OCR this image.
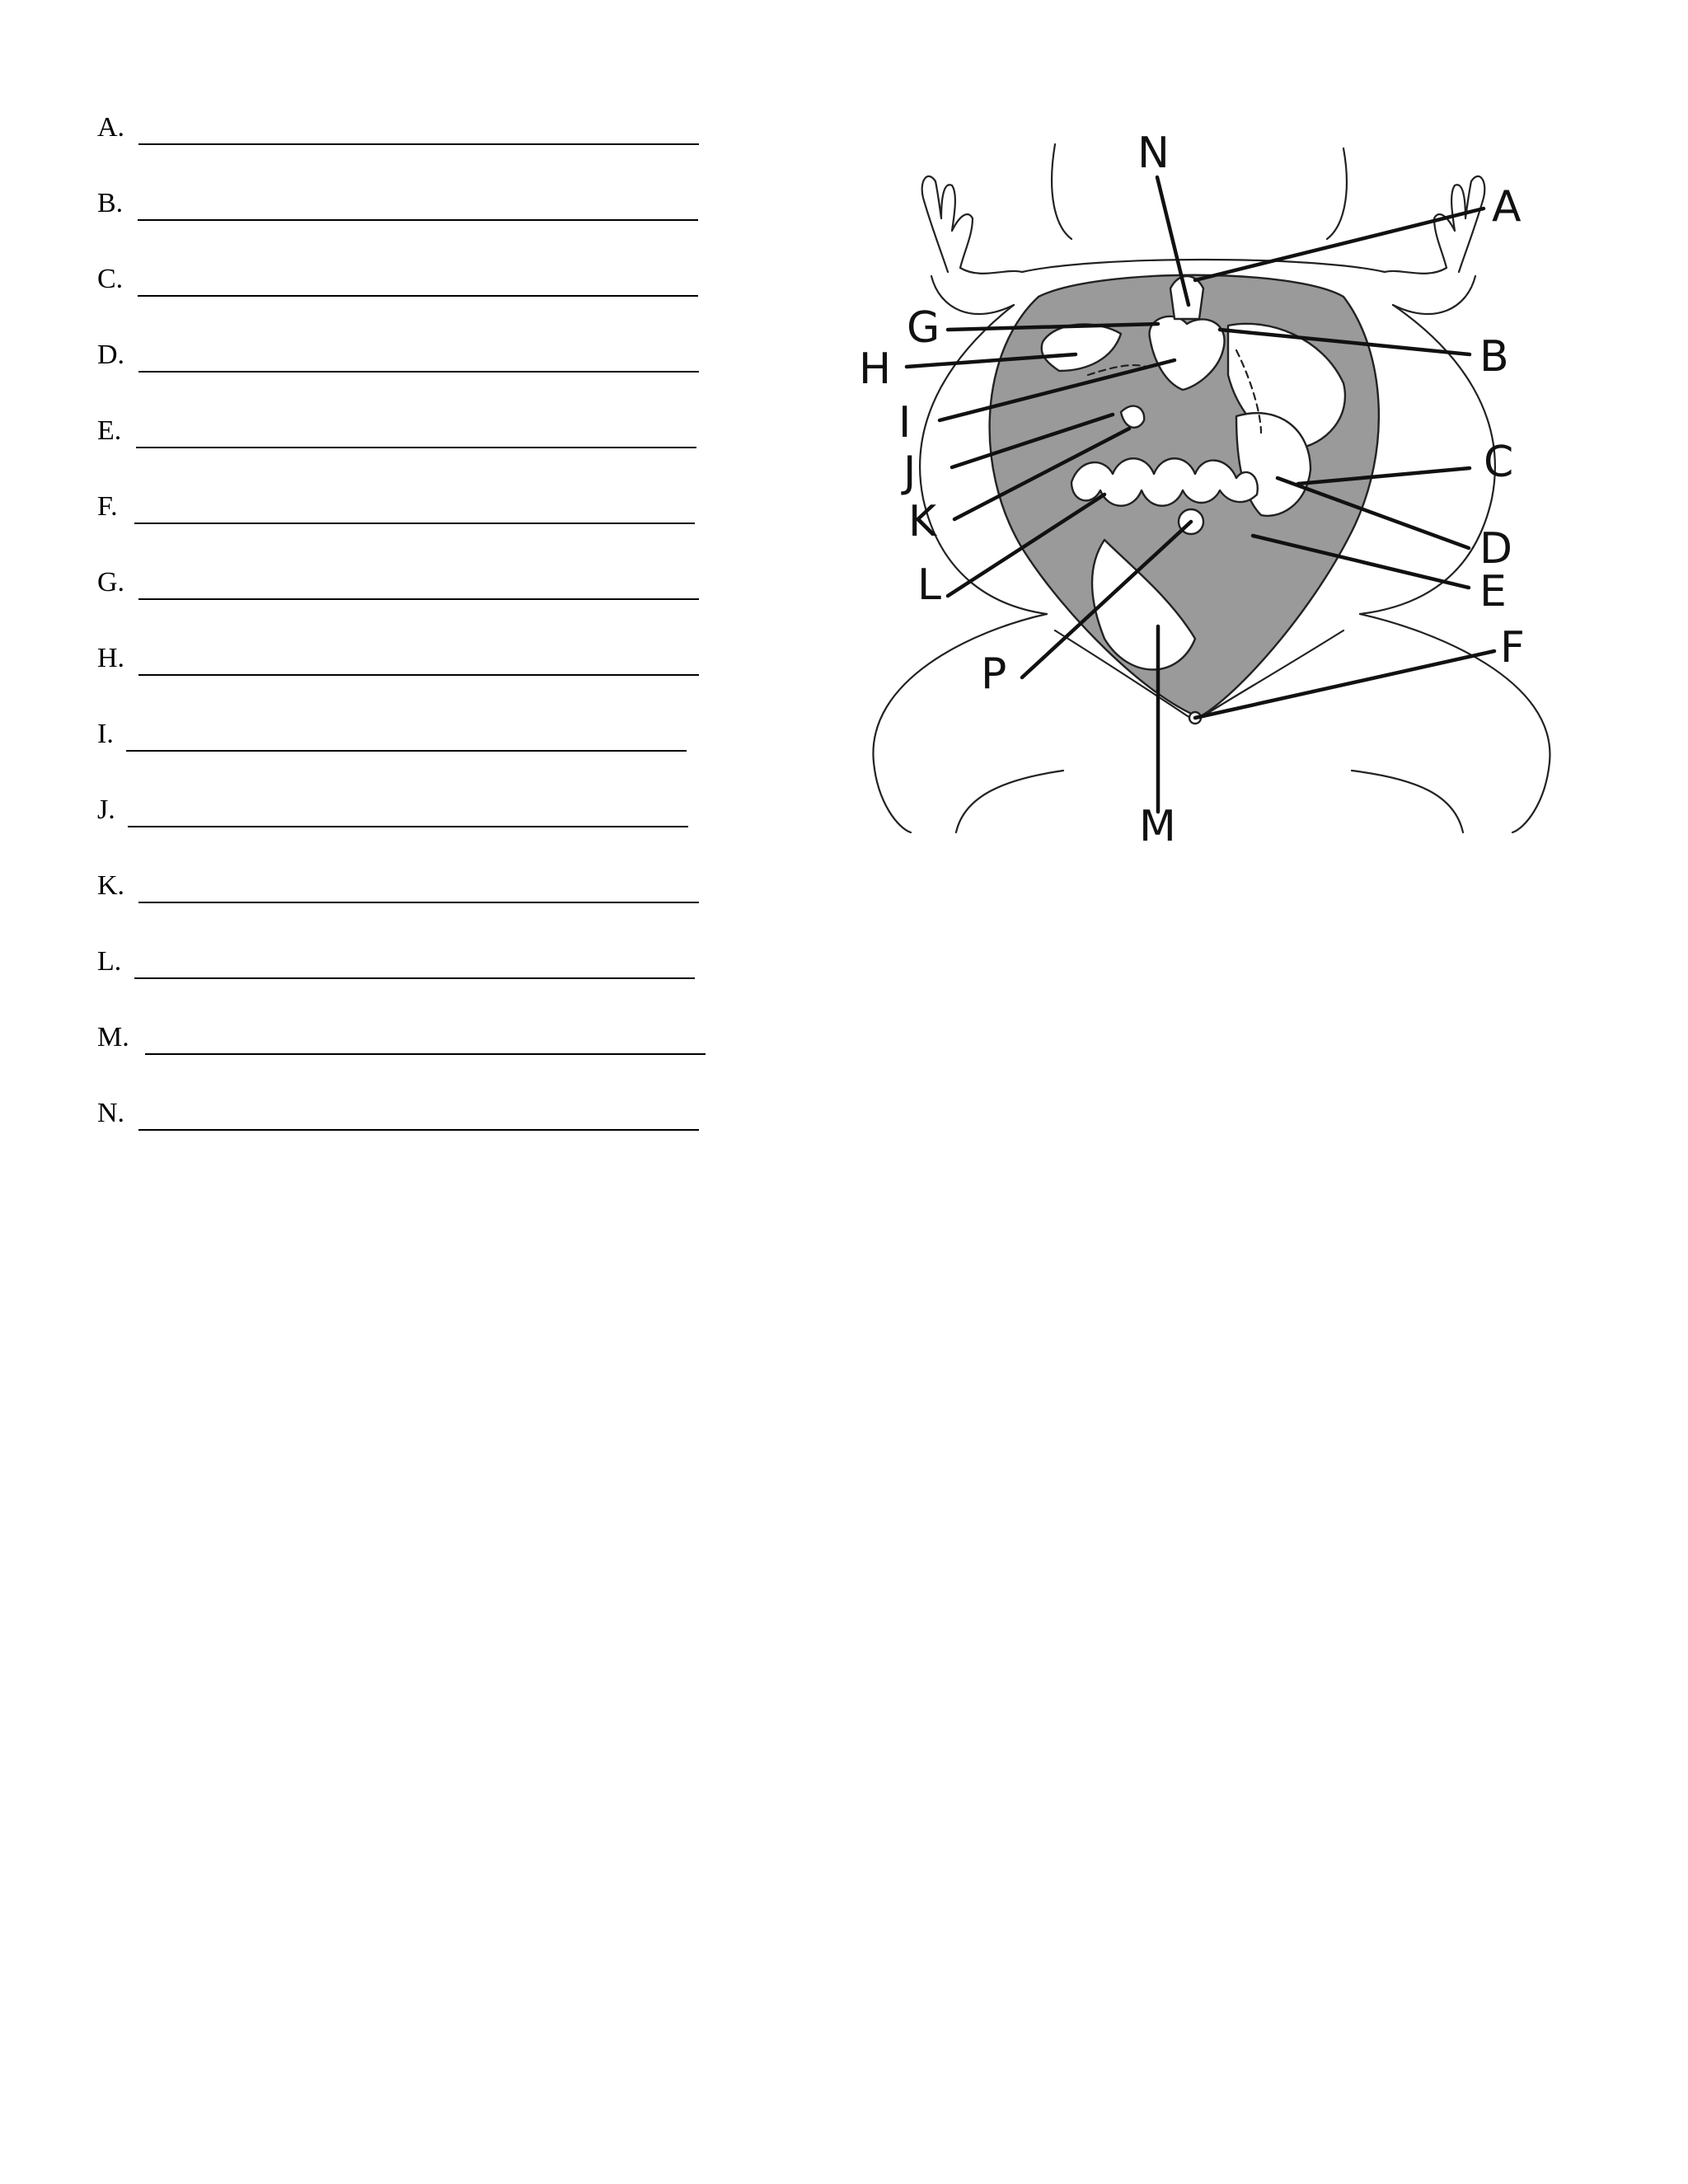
A.
B.
C.
D.
E.
F.
G.
H.
I.
J.
K.
L.
M.
N.
N
A
B
C
D
E
F
G
H
I
J
K
L
P
M
